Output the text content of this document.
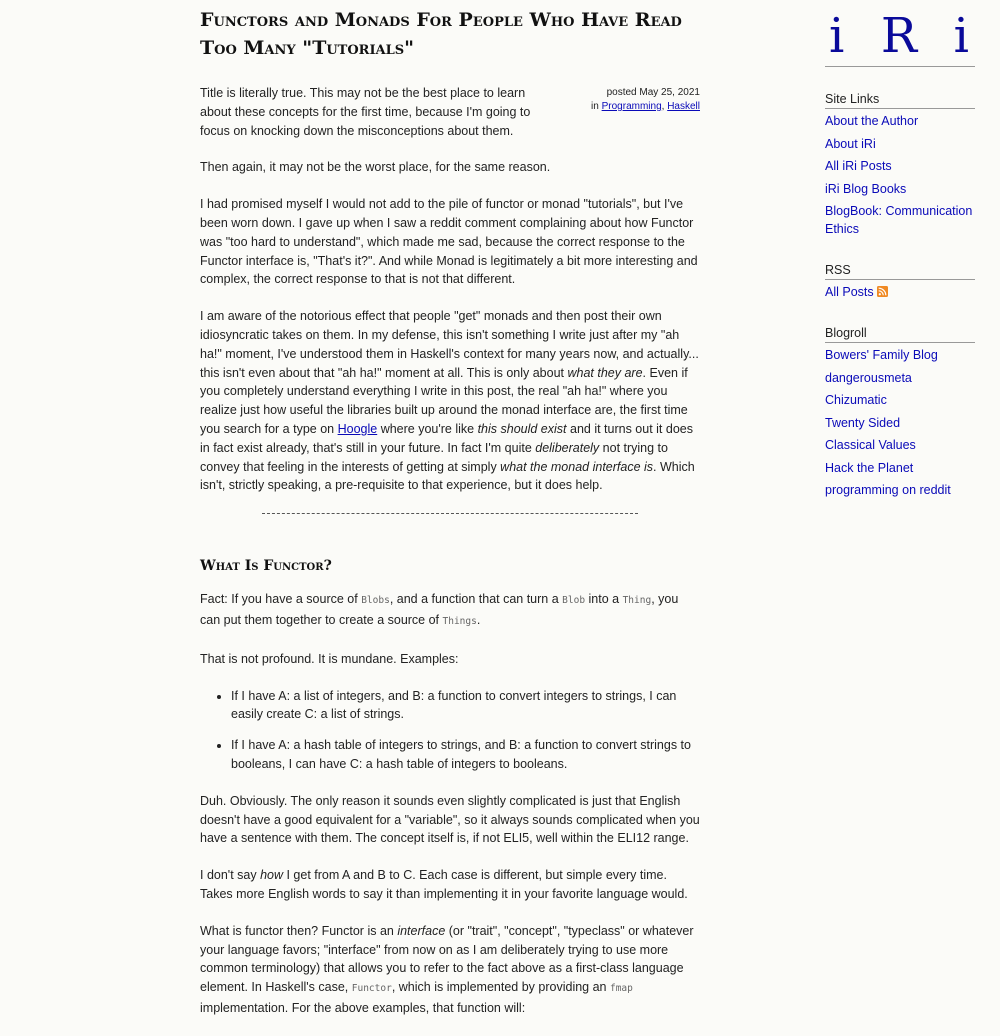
Functors and Monads For People Who Have Read Too Many "Tutorials"
posted May 25, 2021
in Programming, Haskell

Title is literally true. This may not be the best place to learn about these concepts for the first time, because I'm going to focus on knocking down the misconceptions about them.

Then again, it may not be the worst place, for the same reason.

I had promised myself I would not add to the pile of functor or monad "tutorials", but I've been worn down. I gave up when I saw a reddit comment complaining about how Functor was "too hard to understand", which made me sad, because the correct response to the Functor interface is, "That's it?". And while Monad is legitimately a bit more interesting and complex, the correct response to that is not that different.

I am aware of the notorious effect that people "get" monads and then post their own idiosyncratic takes on them. In my defense, this isn't something I write just after my "ah ha!" moment, I've understood them in Haskell's context for many years now, and actually... this isn't even about that "ah ha!" moment at all. This is only about what they are. Even if you completely understand everything I write in this post, the real "ah ha!" where you realize just how useful the libraries built up around the monad interface are, the first time you search for a type on Hoogle where you're like this should exist and it turns out it does in fact exist already, that's still in your future. In fact I'm quite deliberately not trying to convey that feeling in the interests of getting at simply what the monad interface is. Which isn't, strictly speaking, a pre-requisite to that experience, but it does help.

What Is Functor?

Fact: If you have a source of Blobs, and a function that can turn a Blob into a Thing, you can put them together to create a source of Things.

That is not profound. It is mundane. Examples:

• If I have A: a list of integers, and B: a function to convert integers to strings, I can easily create C: a list of strings.
• If I have A: a hash table of integers to strings, and B: a function to convert strings to booleans, I can have C: a hash table of integers to booleans.

Duh. Obviously. The only reason it sounds even slightly complicated is just that English doesn't have a good equivalent for a "variable", so it always sounds complicated when you have a sentence with them. The concept itself is, if not ELI5, well within the ELI12 range.

I don't say how I get from A and B to C. Each case is different, but simple every time. Takes more English words to say it than implementing it in your favorite language would.

What is functor then? Functor is an interface (or "trait", "concept", "typeclass" or whatever your language favors; "interface" from now on as I am deliberately trying to use more common terminology) that allows you to refer to the fact above as a first-class language element. In Haskell's case, Functor, which is implemented by providing an fmap implementation. For the above examples, that function will:

i R i
Site Links
About the Author
About iRi
All iRi Posts
iRi Blog Books
BlogBook: Communication Ethics
RSS
All Posts
Blogroll
Bowers' Family Blog
dangerousmeta
Chizumatic
Twenty Sided
Classical Values
Hack the Planet
programming on reddit
